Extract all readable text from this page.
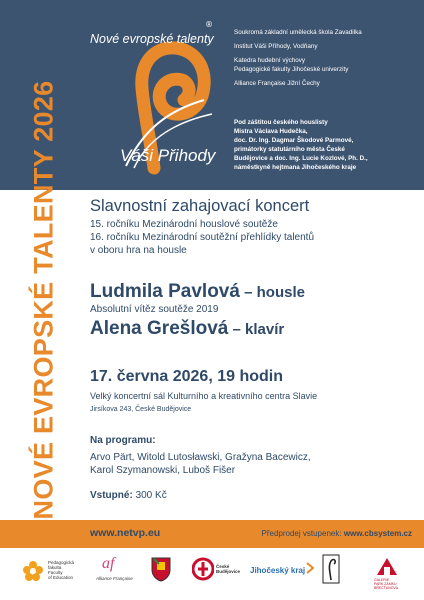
NOVÉ EVROPSKÉ TALENTY 2026
Nové evropské talenty
®
Váši Přihody
Soukromá základní umělecká škola Zavadilka
Institut Váši Příhody, Vodňany
Katedra hudební výchovy
Pedagogické fakulty Jihočeské univerzity
Alliance Française Jižní Čechy
Pod záštitou českého houslisty
Mistra Václava Hudečka,
doc. Dr. Ing. Dagmar Škodové Parmové,
primátorky statutárního města České
Budějovice a doc. Ing. Lucie Kozlové, Ph. D.,
náměstkyně hejtmana Jihočeského kraje
Slavnostní zahajovací koncert
15. ročníku Mezinárodní houslové soutěže
16. ročníku Mezinárodní soutěžní přehlídky talentů
v oboru hra na housle
Ludmila Pavlová – housle
Absolutní vítěz soutěže 2019
Alena Grešlová – klavír
17. června 2026, 19 hodin
Velký koncertní sál Kulturního a kreativního centra Slavie
Jirsíkova 243, České Budějovice
Na programu:
Arvo Pärt, Witold Lutosławski, Gražyna Bacewicz,
Karol Szymanowski, Luboš Fišer
Vstupné: 300 Kč
www.netvp.eu	Předprodej vstupenek: www.cbsystem.cz
Pedagogická
fakulta
Faculty
of Education
af
Alliance Française
České
Budějovice Jihočeský kraj
GALERIE
PARK ZÁMKU
BŘEČŤANOVÁ
